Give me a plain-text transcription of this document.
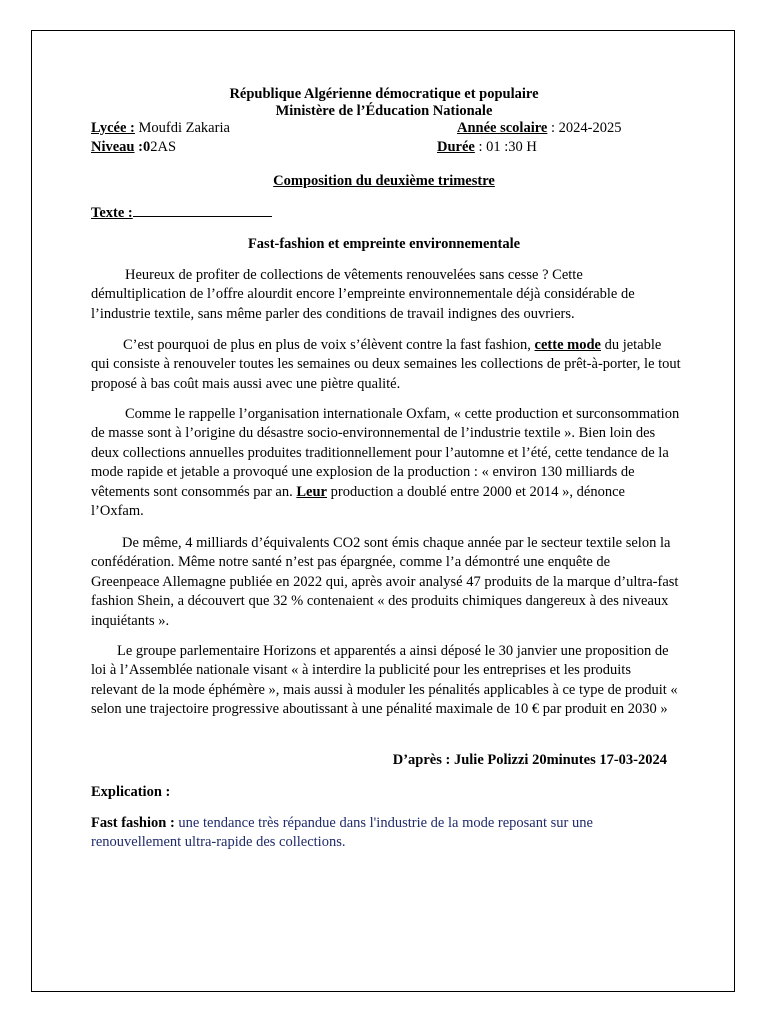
République Algérienne démocratique et populaire
Ministère de l’Éducation Nationale
Lycée : Moufdi Zakaria	Année scolaire : 2024-2025
Niveau :02AS	Durée : 01 :30 H
Composition du deuxième trimestre
Texte :
Fast-fashion et empreinte environnementale
Heureux de profiter de collections de vêtements renouvelées sans cesse ? Cette démultiplication de l’offre alourdit encore l’empreinte environnementale déjà considérable de l’industrie textile, sans même parler des conditions de travail indignes des ouvriers.
C’est pourquoi de plus en plus de voix s’élèvent contre la fast fashion, cette mode du jetable qui consiste à renouveler toutes les semaines ou deux semaines les collections de prêt-à-porter, le tout proposé à bas coût mais aussi avec une piètre qualité.
Comme le rappelle l’organisation internationale Oxfam, « cette production et surconsommation de masse sont à l’origine du désastre socio-environnemental de l’industrie textile ». Bien loin des deux collections annuelles produites traditionnellement pour l’automne et l’été, cette tendance de la mode rapide et jetable a provoqué une explosion de la production : « environ 130 milliards de vêtements sont consommés par an. Leur production a doublé entre 2000 et 2014 », dénonce l’Oxfam.
De même, 4 milliards d’équivalents CO2 sont émis chaque année par le secteur textile selon la confédération. Même notre santé n’est pas épargnée, comme l’a démontré une enquête de Greenpeace Allemagne publiée en 2022 qui, après avoir analysé 47 produits de la marque d’ultra-fast fashion Shein, a découvert que 32 % contenaient « des produits chimiques dangereux à des niveaux inquiétants ».
Le groupe parlementaire Horizons et apparentés a ainsi déposé le 30 janvier une proposition de loi à l’Assemblée nationale visant « à interdire la publicité pour les entreprises et les produits relevant de la mode éphémère », mais aussi à moduler les pénalités applicables à ce type de produit « selon une trajectoire progressive aboutissant à une pénalité maximale de 10 € par produit en 2030 »
D’après : Julie Polizzi 20minutes 17-03-2024
Explication :
Fast fashion : une tendance très répandue dans l'industrie de la mode reposant sur une renouvellement ultra-rapide des collections.
